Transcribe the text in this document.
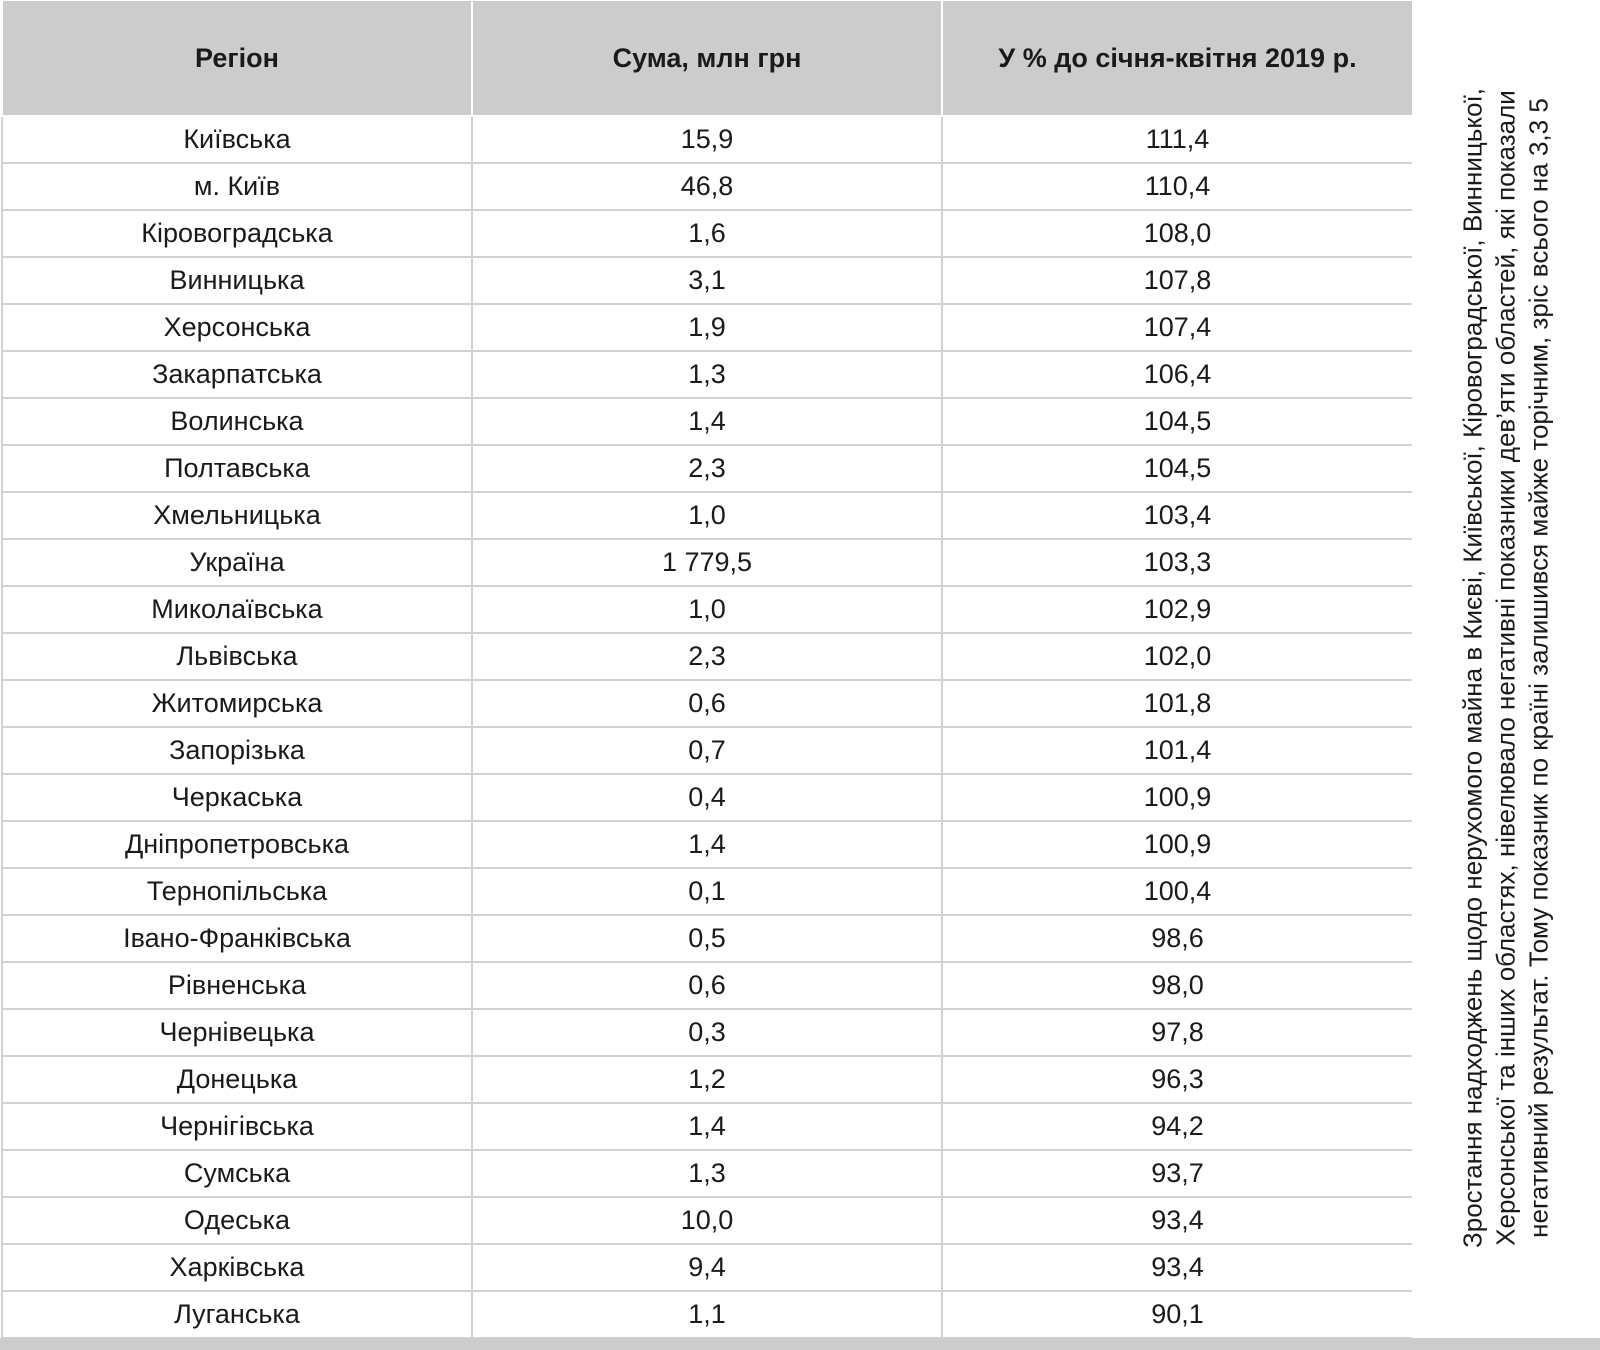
Регіон	Сума, млн грн	У % до січня-квітня 2019 р.
Київська	15,9	111,4
м. Київ	46,8	110,4
Кіровоградська	1,6	108,0
Винницька	3,1	107,8
Херсонська	1,9	107,4
Закарпатська	1,3	106,4
Волинська	1,4	104,5
Полтавська	2,3	104,5
Хмельницька	1,0	103,4
Україна	1 779,5	103,3
Миколаївська	1,0	102,9
Львівська	2,3	102,0
Житомирська	0,6	101,8
Запорізька	0,7	101,4
Черкаська	0,4	100,9
Дніпропетровська	1,4	100,9
Тернопільська	0,1	100,4
Івано-Франківська	0,5	98,6
Рівненська	0,6	98,0
Чернівецька	0,3	97,8
Донецька	1,2	96,3
Чернігівська	1,4	94,2
Сумська	1,3	93,7
Одеська	10,0	93,4
Харківська	9,4	93,4
Луганська	1,1	90,1
Зростання надходжень щодо нерухомого майна в Києві, Київської, Кіровоградської, Винницької, Херсонської та інших областях, нівелювало негативні показники дев’яти областей, які показали негативний результат. Тому показник по країні залишився майже торічним, зріс всього на 3,3 5
